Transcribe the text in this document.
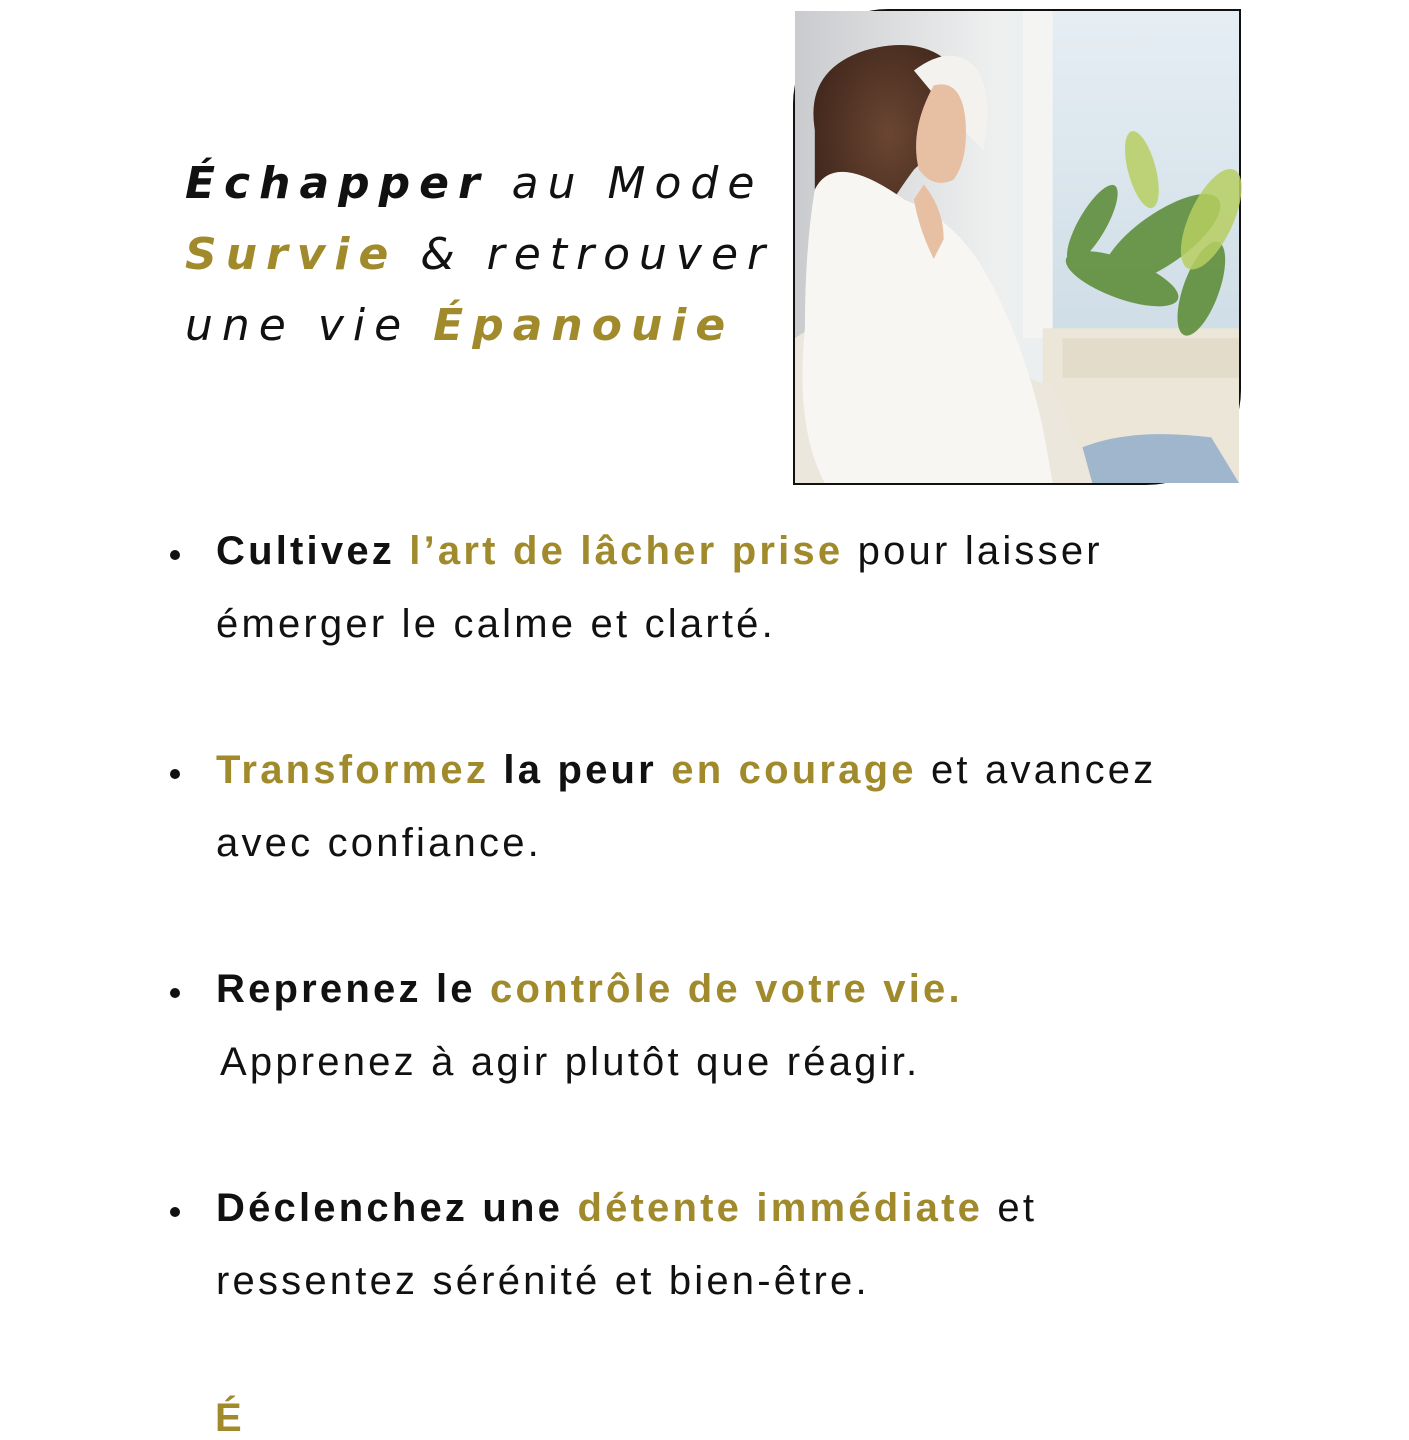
Échapper au Mode
Survie & retrouver
une vie Épanouie
Cultivez l’art de lâcher prise pour laisser
émerger le calme et clarté.
Transformez la peur en courage et avancez
avec confiance.
Reprenez le contrôle de votre vie.
Apprenez à agir plutôt que réagir.
Déclenchez une détente immédiate et
ressentez sérénité et bien-être.
É
